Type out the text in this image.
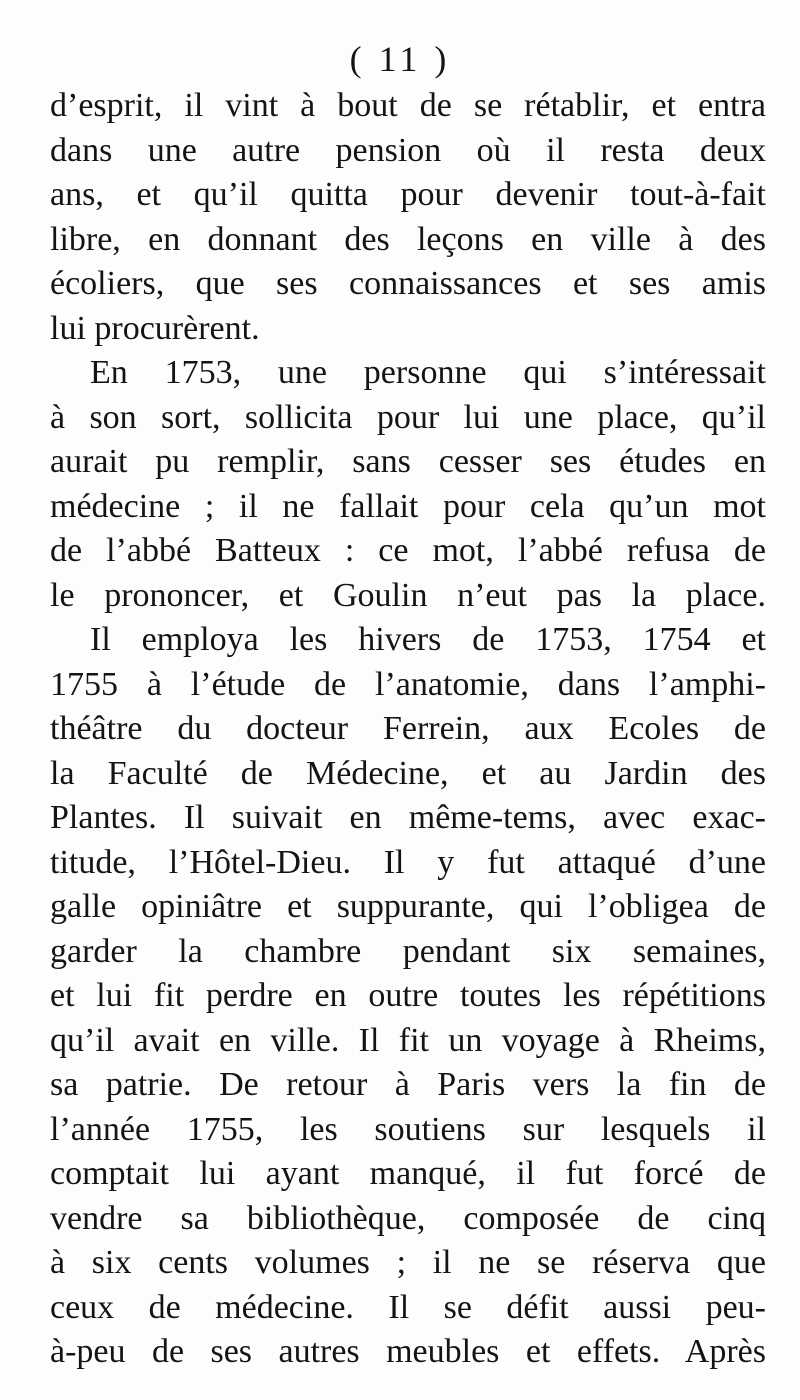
( 11 )
d’esprit, il vint à bout de se rétablir, et entra
dans une autre pension où il resta deux
ans, et qu’il quitta pour devenir tout-à-fait
libre, en donnant des leçons en ville à des
écoliers, que ses connaissances et ses amis
lui procurèrent.
En 1753, une personne qui s’intéressait
à son sort, sollicita pour lui une place, qu’il
aurait pu remplir, sans cesser ses études en
médecine ; il ne fallait pour cela qu’un mot
de l’abbé Batteux : ce mot, l’abbé refusa de
le prononcer, et Goulin n’eut pas la place.
Il employa les hivers de 1753, 1754 et
1755 à l’étude de l’anatomie, dans l’amphi-
théâtre du docteur Ferrein, aux Ecoles de
la Faculté de Médecine, et au Jardin des
Plantes. Il suivait en même-tems, avec exac-
titude, l’Hôtel-Dieu. Il y fut attaqué d’une
galle opiniâtre et suppurante, qui l’obligea de
garder la chambre pendant six semaines,
et lui fit perdre en outre toutes les répétitions
qu’il avait en ville. Il fit un voyage à Rheims,
sa patrie. De retour à Paris vers la fin de
l’année 1755, les soutiens sur lesquels il
comptait lui ayant manqué, il fut forcé de
vendre sa bibliothèque, composée de cinq
à six cents volumes ; il ne se réserva que
ceux de médecine. Il se défit aussi peu-
à-peu de ses autres meubles et effets. Après
